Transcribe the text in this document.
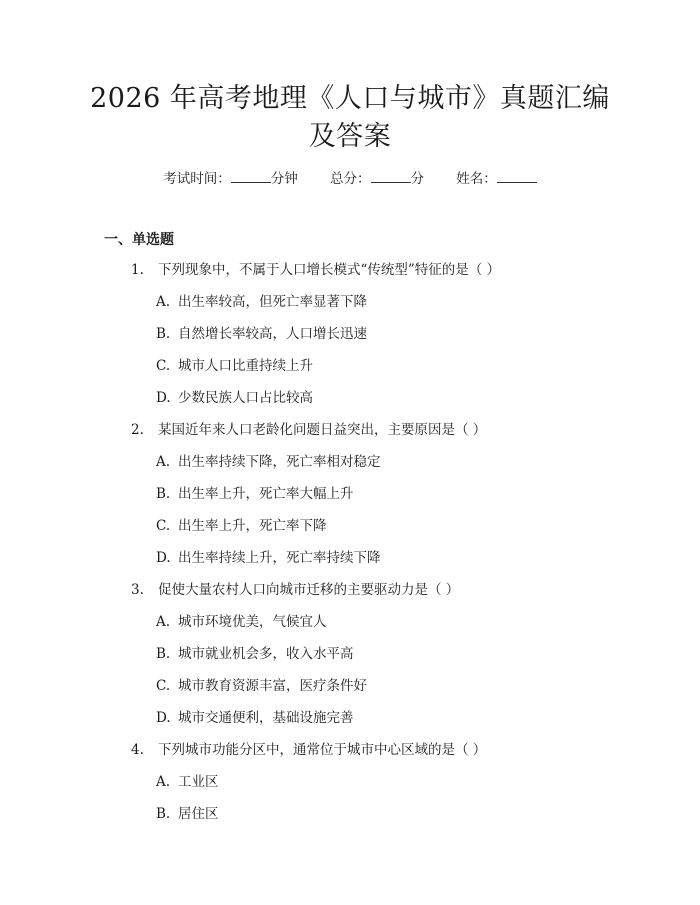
2026 年高考地理《人口与城市》真题汇编及答案
考试时间：	分钟 总分：	分 姓名：
一、单选题
1. 下列现象中，不属于人口增长模式“传统型”特征的是（ ）
A. 出生率较高，但死亡率显著下降
B. 自然增长率较高，人口增长迅速
C. 城市人口比重持续上升
D. 少数民族人口占比较高
2. 某国近年来人口老龄化问题日益突出，主要原因是（ ）
A. 出生率持续下降，死亡率相对稳定
B. 出生率上升，死亡率大幅上升
C. 出生率上升，死亡率下降
D. 出生率持续上升，死亡率持续下降
3. 促使大量农村人口向城市迁移的主要驱动力是（ ）
A. 城市环境优美，气候宜人
B. 城市就业机会多，收入水平高
C. 城市教育资源丰富，医疗条件好
D. 城市交通便利，基础设施完善
4. 下列城市功能分区中，通常位于城市中心区域的是（ ）
A. 工业区
B. 居住区
